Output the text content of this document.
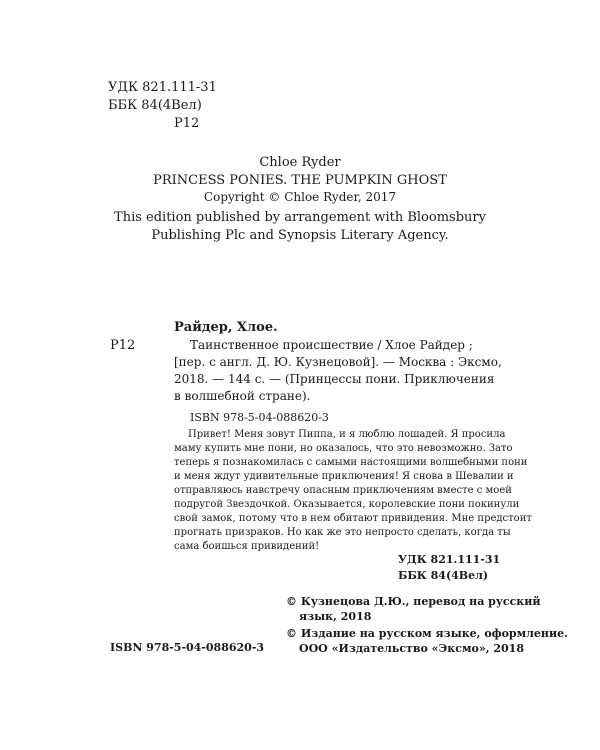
УДК 821.111-31
ББК 84(4Вел)
Р12
Chloe Ryder
PRINCESS PONIES. THE PUMPKIN GHOST
Copyright © Chloe Ryder, 2017
This edition published by arrangement with Bloomsbury
Publishing Plc and Synopsis Literary Agency.
Р12
Райдер, Хлое.
Таинственное происшествие / Хлое Райдер ;
[пер. с англ. Д. Ю. Кузнецовой]. — Москва : Эксмо,
2018. — 144 с. — (Принцессы пони. Приключения
в волшебной стране).
ISBN 978-5-04-088620-3
Привет! Меня зовут Пиппа, и я люблю лошадей. Я просила
маму купить мне пони, но оказалось, что это невозможно. Зато
теперь я познакомилась с самыми настоящими волшебными пони
и меня ждут удивительные приключения! Я снова в Шевалии и
отправляюсь навстречу опасным приключениям вместе с моей
подругой Звездочкой. Оказывается, королевские пони покинули
свой замок, потому что в нем обитают привидения. Мне предстоит
прогнать призраков. Но как же это непросто сделать, когда ты
сама боишься привидений!
УДК 821.111-31
ББК 84(4Вел)
© Кузнецова Д.Ю., перевод на русский
язык, 2018
© Издание на русском языке, оформление.
ООО «Издательство «Эксмо», 2018
ISBN 978-5-04-088620-3
